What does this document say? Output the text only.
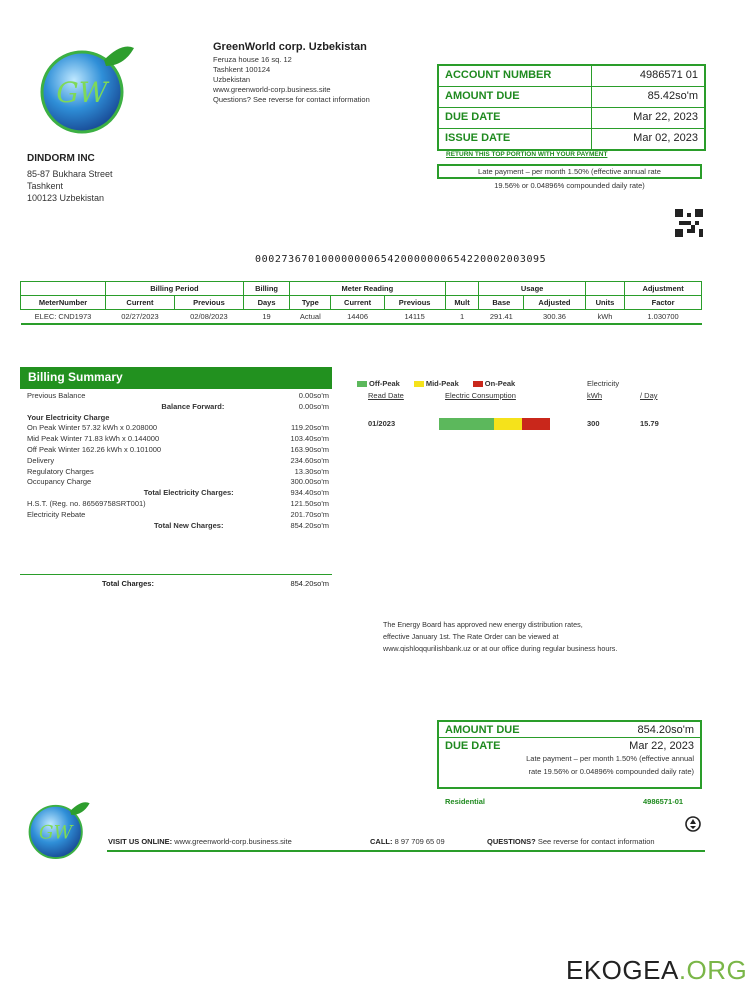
GW
GreenWorld corp. Uzbekistan
Feruza house 16 sq. 12
Tashkent 100124
Uzbekistan
www.greenworld-corp.business.site
Questions? See reverse for contact information
DINDORM INC
85-87 Bukhara Street
Tashkent
100123 Uzbekistan
ACCOUNT NUMBER	4986571 01
AMOUNT DUE	85.42so'm
DUE DATE	Mar 22, 2023
ISSUE DATE	Mar 02, 2023
RETURN THIS TOP PORTION WITH YOUR PAYMENT
Late payment – per month 1.50% (effective annual rate
19.56% or 0.04896% compounded daily rate)
00027367010000000065420000000654220002003095
	Billing Period		Billing	Meter Reading				Usage			Adjustment
MeterNumber	Current	Previous	Days	Type	Current	Previous	Mult	Base	Adjusted	Units	Factor
ELEC: CND1973	02/27/2023	02/08/2023	19	Actual	14406	14115	1	291.41	300.36	kWh	1.030700
Billing Summary
Previous Balance	0.00so'm
Balance Forward:	0.00so'm
Your Electricity Charge
On Peak Winter 57.32 kWh x 0.208000	119.20so'm
Mid Peak Winter 71.83 kWh x 0.144000	103.40so'm
Off Peak Winter 162.26 kWh x 0.101000	163.90so'm
Delivery	234.60so'm
Regulatory Charges	13.30so'm
Occupancy Charge	300.00so'm
Total Electricity Charges:	934.40so'm
H.S.T. (Reg. no. 86569758SRT001)	121.50so'm
Electricity Rebate	201.70so'm
Total New Charges:	854.20so'm
Total Charges:	854.20so'm
Off-Peak	Mid-Peak	On-Peak
Read Date	Electric Consumption
Electricity
kWh	/ Day
01/2023	300	15.79
The Energy Board has approved new energy distribution rates,
effective January 1st. The Rate Order can be viewed at
www.qishloqqurilishbank.uz or at our office during regular business hours.
AMOUNT DUE	854.20so'm
DUE DATE	Mar 22, 2023
Late payment – per month 1.50% (effective annual
rate 19.56% or 0.04896% compounded daily rate)
Residential	4986571-01
GW	VISIT US ONLINE: www.greenworld-corp.business.site	CALL: 8 97 709 65 09	QUESTIONS? See reverse for contact information
EKOGEA.ORG
